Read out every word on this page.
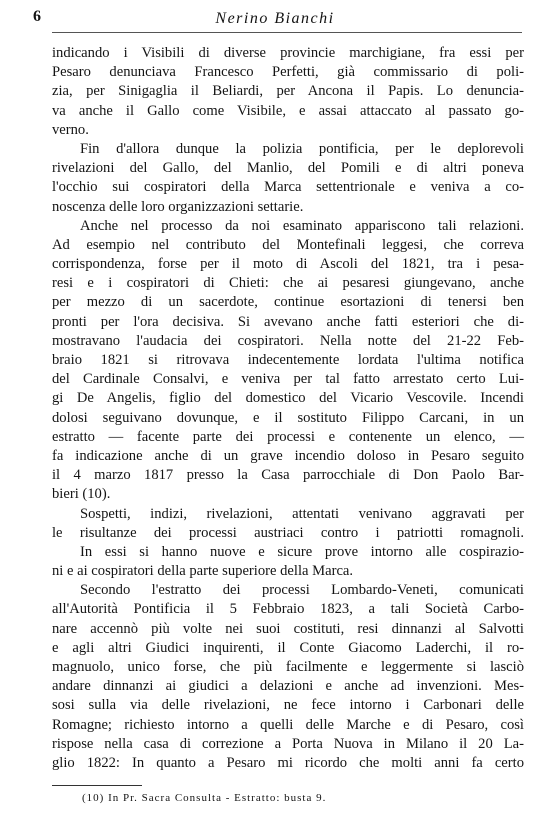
6	Nerino Bianchi
indicando i Visibili di diverse provincie marchigiane, fra essi per
Pesaro denunciava Francesco Perfetti, già commissario di poli-
zia, per Sinigaglia il Beliardi, per Ancona il Papis. Lo denuncia-
va anche il Gallo come Visibile, e assai attaccato al passato go-
verno.
Fin d'allora dunque la polizia pontificia, per le deplorevoli
rivelazioni del Gallo, del Manlio, del Pomili e di altri poneva
l'occhio sui cospiratori della Marca settentrionale e veniva a co-
noscenza delle loro organizzazioni settarie.
Anche nel processo da noi esaminato appariscono tali relazioni.
Ad esempio nel contributo del Montefinali leggesi, che correva
corrispondenza, forse per il moto di Ascoli del 1821, tra i pesa-
resi e i cospiratori di Chieti: che ai pesaresi giungevano, anche
per mezzo di un sacerdote, continue esortazioni di tenersi ben
pronti per l'ora decisiva. Si avevano anche fatti esteriori che di-
mostravano l'audacia dei cospiratori. Nella notte del 21-22 Feb-
braio 1821 si ritrovava indecentemente lordata l'ultima notifica
del Cardinale Consalvi, e veniva per tal fatto arrestato certo Lui-
gi De Angelis, figlio del domestico del Vicario Vescovile. Incendi
dolosi seguivano dovunque, e il sostituto Filippo Carcani, in un
estratto — facente parte dei processi e contenente un elenco, —
fa indicazione anche di un grave incendio doloso in Pesaro seguito
il 4 marzo 1817 presso la Casa parrocchiale di Don Paolo Bar-
bieri (10).
Sospetti, indizi, rivelazioni, attentati venivano aggravati per
le risultanze dei processi austriaci contro i patriotti romagnoli.
In essi si hanno nuove e sicure prove intorno alle cospirazio-
ni e ai cospiratori della parte superiore della Marca.
Secondo l'estratto dei processi Lombardo-Veneti, comunicati
all'Autorità Pontificia il 5 Febbraio 1823, a tali Società Carbo-
nare accennò più volte nei suoi costituti, resi dinnanzi al Salvotti
e agli altri Giudici inquirenti, il Conte Giacomo Laderchi, il ro-
magnuolo, unico forse, che più facilmente e leggermente si lasciò
andare dinnanzi ai giudici a delazioni e anche ad invenzioni. Mes-
sosi sulla via delle rivelazioni, ne fece intorno i Carbonari delle
Romagne; richiesto intorno a quelli delle Marche e di Pesaro, così
rispose nella casa di correzione a Porta Nuova in Milano il 20 La-
glio 1822: In quanto a Pesaro mi ricordo che molti anni fa certo
(10) In Pr. Sacra Consulta - Estratto: busta 9.
